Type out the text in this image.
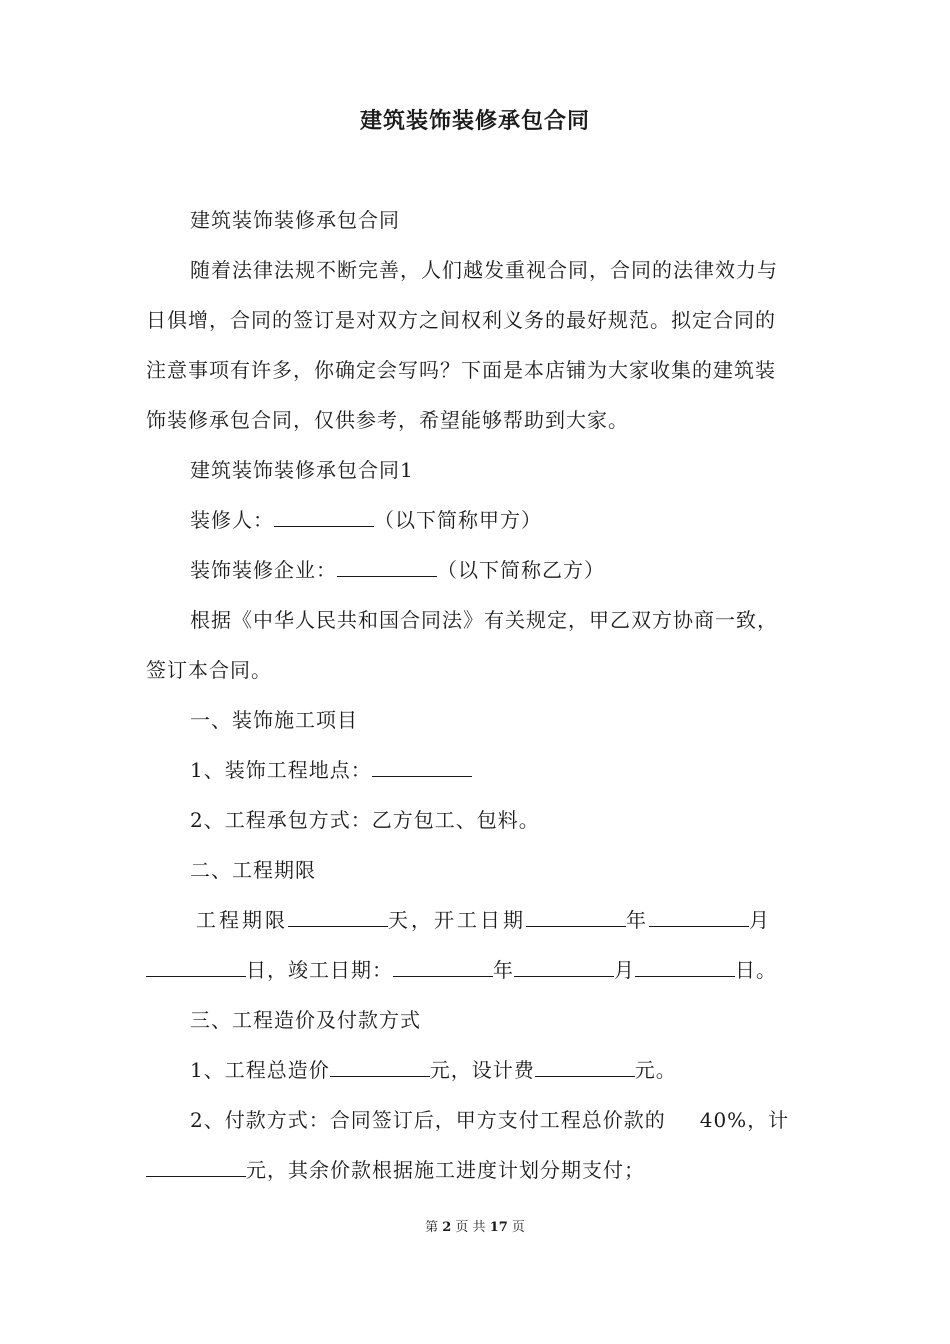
建筑装饰装修承包合同
建筑装饰装修承包合同
随着法律法规不断完善，人们越发重视合同，合同的法律效力与
日俱增，合同的签订是对双方之间权利义务的最好规范。拟定合同的
注意事项有许多，你确定会写吗？下面是本店铺为大家收集的建筑装
饰装修承包合同，仅供参考，希望能够帮助到大家。
建筑装饰装修承包合同1
装修人：	（以下简称甲方）
装饰装修企业：	（以下简称乙方）
根据《中华人民共和国合同法》有关规定，甲乙双方协商一致，
签订本合同。
一、装饰施工项目
1、装饰工程地点：
2、工程承包方式：乙方包工、包料。
二、工程期限
工程期限	天，开工日期	年	月
日，竣工日期：	年	月	日。
三、工程造价及付款方式
1、工程总造价	元，设计费	元。
2、付款方式：合同签订后，甲方支付工程总价款的 40%，计
元，其余价款根据施工进度计划分期支付；
第 2 页 共 17 页
